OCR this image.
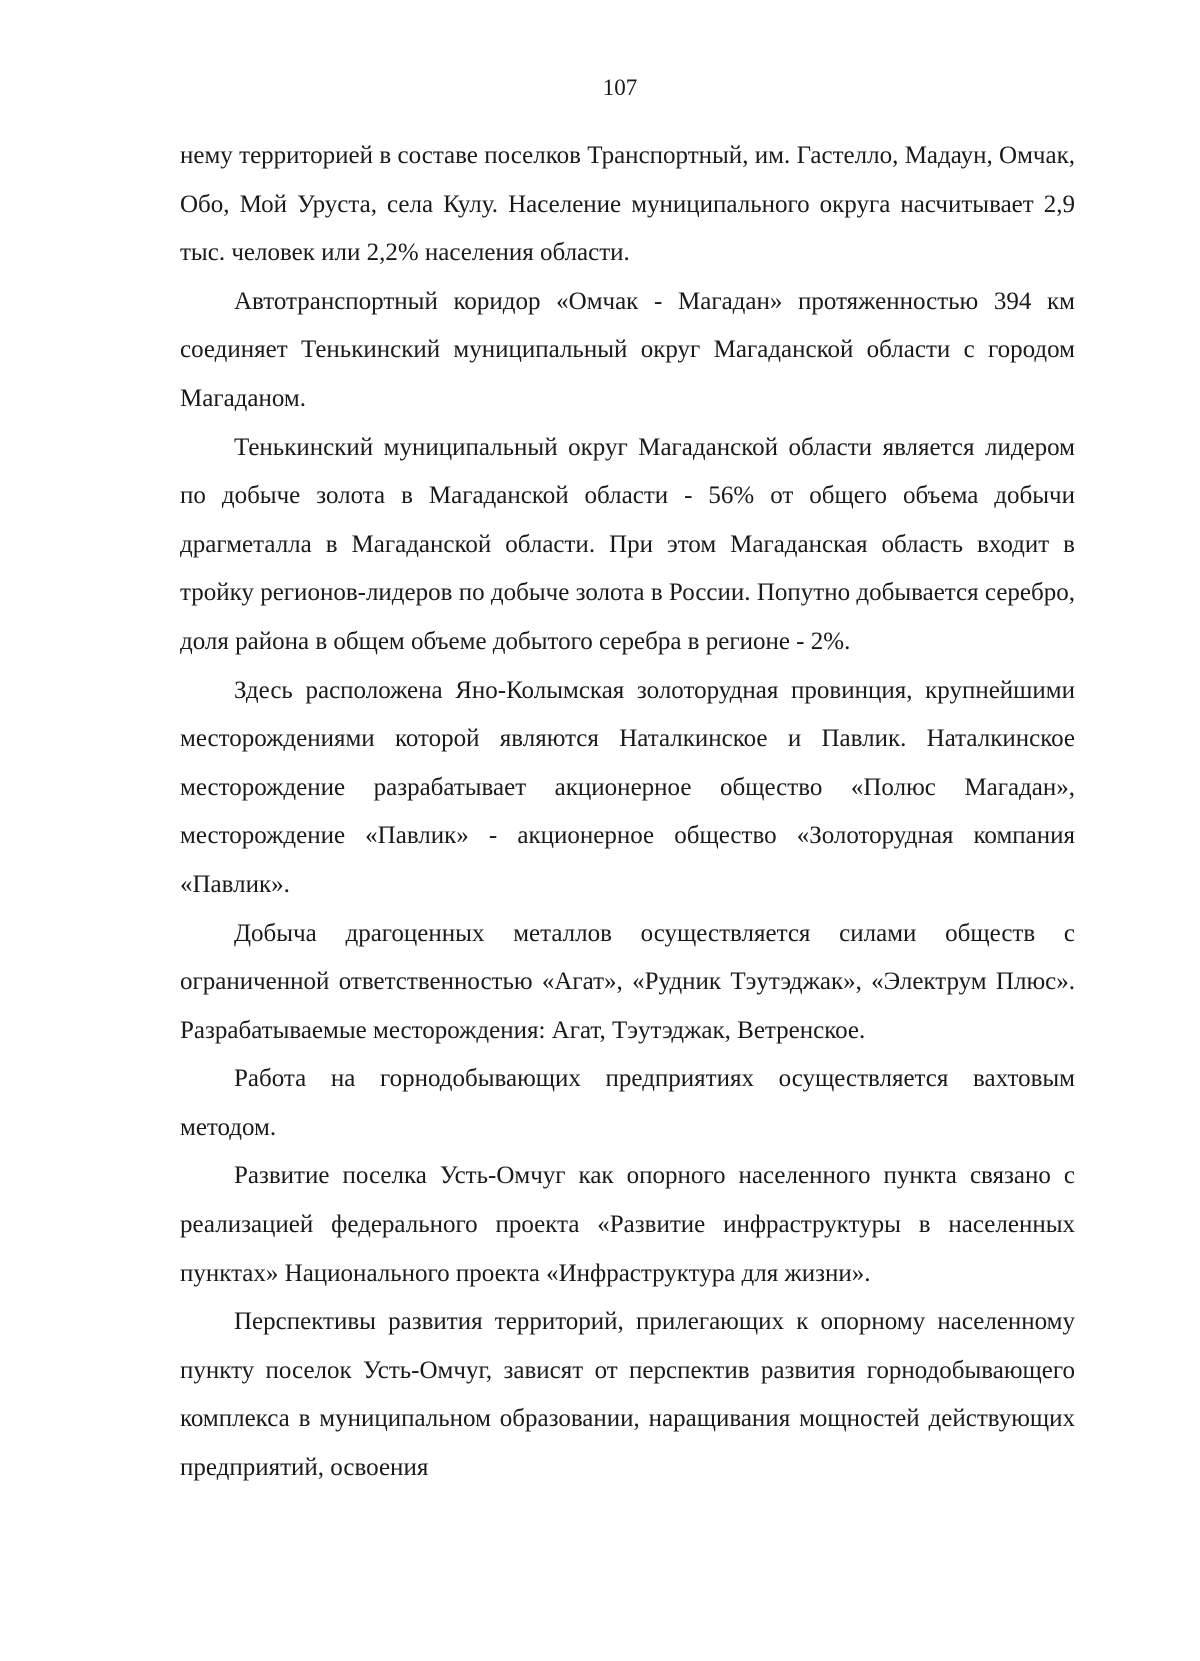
107

нему территорией в составе поселков Транспортный, им. Гастелло, Мадаун, Омчак, Обо, Мой Уруста, села Кулу. Население муниципального округа насчитывает 2,9 тыс. человек или 2,2% населения области.

Автотранспортный коридор «Омчак - Магадан» протяженностью 394 км соединяет Тенькинский муниципальный округ Магаданской области с городом Магаданом.

Тенькинский муниципальный округ Магаданской области является лидером по добыче золота в Магаданской области - 56% от общего объема добычи драгметалла в Магаданской области. При этом Магаданская область входит в тройку регионов-лидеров по добыче золота в России. Попутно добывается серебро, доля района в общем объеме добытого серебра в регионе - 2%.

Здесь расположена Яно-Колымская золоторудная провинция, крупнейшими месторождениями которой являются Наталкинское и Павлик. Наталкинское месторождение разрабатывает акционерное общество «Полюс Магадан», месторождение «Павлик» - акционерное общество «Золоторудная компания «Павлик».

Добыча драгоценных металлов осуществляется силами обществ с ограниченной ответственностью «Агат», «Рудник Тэутэджак», «Электрум Плюс». Разрабатываемые месторождения: Агат, Тэутэджак, Ветренское.

Работа на горнодобывающих предприятиях осуществляется вахтовым методом.

Развитие поселка Усть-Омчуг как опорного населенного пункта связано с реализацией федерального проекта «Развитие инфраструктуры в населенных пунктах» Национального проекта «Инфраструктура для жизни».

Перспективы развития территорий, прилегающих к опорному населенному пункту поселок Усть-Омчуг, зависят от перспектив развития горнодобывающего комплекса в муниципальном образовании, наращивания мощностей действующих предприятий, освоения
